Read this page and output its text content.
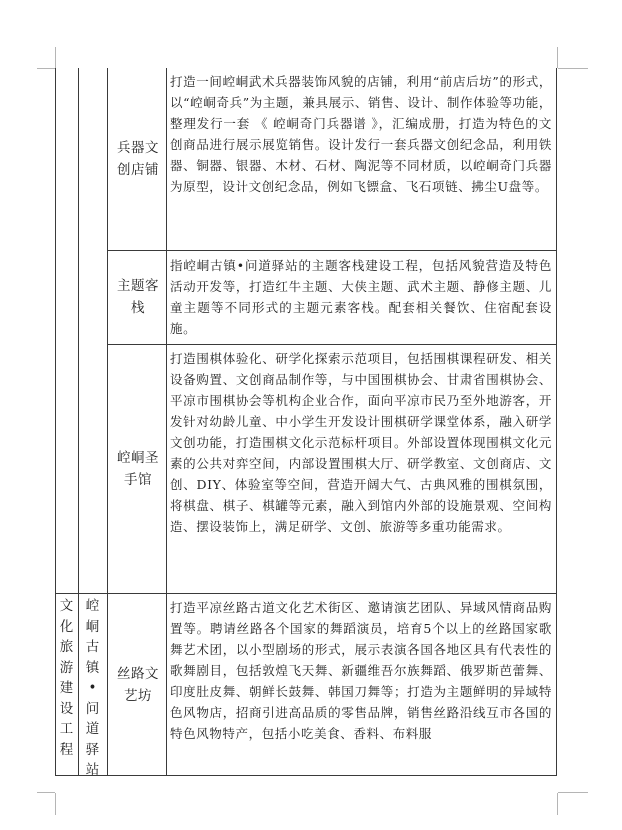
兵器文创店铺
打造一间崆峒武术兵器装饰风貌的店铺，利用“前店后坊”的形式，以“崆峒奇兵”为主题，兼具展示、销售、设计、制作体验等功能，整理发行一套 《 崆峒奇门兵器谱 》，汇编成册，打造为特色的文创商品进行展示展览销售。设计发行一套兵器文创纪念品，利用铁器、铜器、银器、木材、石材、陶泥等不同材质，以崆峒奇门兵器为原型，设计文创纪念品，例如飞镖盒、飞石项链、拂尘U盘等。
主题客栈
指崆峒古镇•问道驿站的主题客栈建设工程，包括风貌营造及特色活动开发等，打造红牛主题、大侠主题、武术主题、静修主题、儿童主题等不同形式的主题元素客栈。配套相关餐饮、住宿配套设施。
崆峒圣手馆
打造围棋体验化、研学化探索示范项目，包括围棋课程研发、相关设备购置、文创商品制作等，与中国围棋协会、甘肃省围棋协会、平凉市围棋协会等机构企业合作，面向平凉市民乃至外地游客，开发针对幼龄儿童、中小学生开发设计围棋研学课堂体系，融入研学文创功能，打造围棋文化示范标杆项目。外部设置体现围棋文化元素的公共对弈空间，内部设置围棋大厅、研学教室、文创商店、文创、DIY、体验室等空间，营造开阔大气、古典风雅的围棋氛围，将棋盘、棋子、棋罐等元素，融入到馆内外部的设施景观、空间构造、摆设装饰上，满足研学、文创、旅游等多重功能需求。
文化旅游建设工程
崆峒古镇•问道驿站
丝路文艺坊
打造平凉丝路古道文化艺术街区、邀请演艺团队、异域风情商品购置等。聘请丝路各个国家的舞蹈演员，培育5个以上的丝路国家歌舞艺术团，以小型剧场的形式，展示表演各国各地区具有代表性的歌舞剧目，包括敦煌飞天舞、新疆维吾尔族舞蹈、俄罗斯芭蕾舞、印度肚皮舞、朝鲜长鼓舞、韩国刀舞等；打造为主题鲜明的异域特色风物店，招商引进高品质的零售品牌，销售丝路沿线互市各国的特色风物特产，包括小吃美食、香料、布料服
